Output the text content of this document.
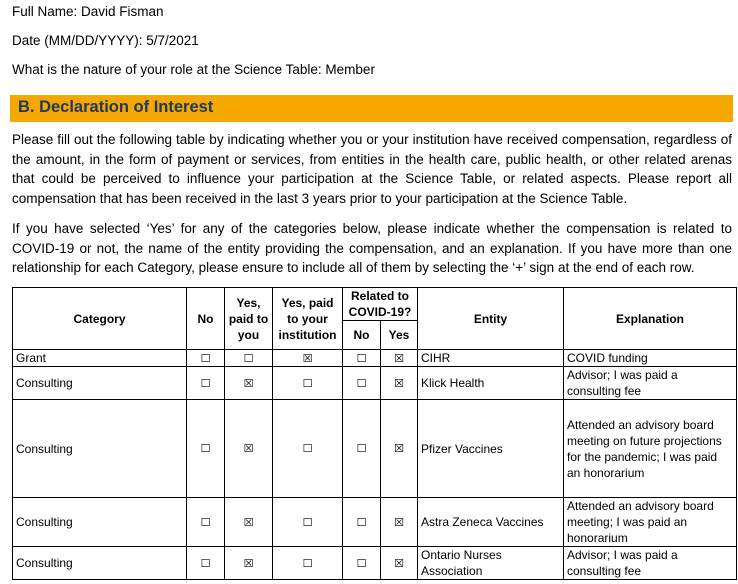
Full Name: David Fisman
Date (MM/DD/YYYY): 5/7/2021
What is the nature of your role at the Science Table: Member
B. Declaration of Interest
Please fill out the following table by indicating whether you or your institution have received compensation, regardless of the amount, in the form of payment or services, from entities in the health care, public health, or other related arenas that could be perceived to influence your participation at the Science Table, or related aspects. Please report all compensation that has been received in the last 3 years prior to your participation at the Science Table.
If you have selected ‘Yes’ for any of the categories below, please indicate whether the compensation is related to COVID-19 or not, the name of the entity providing the compensation, and an explanation. If you have more than one relationship for each Category, please ensure to include all of them by selecting the ‘+’ sign at the end of each row.
Category	No	Yes, paid to you	Yes, paid to your institution	Related to COVID-19?		Entity	Explanation
				No	Yes		
Grant	☐	☐	☒	☐	☒	CIHR	COVID funding
Consulting	☐	☒	☐	☐	☒	Klick Health	Advisor; I was paid a consulting fee
Consulting	☐	☒	☐	☐	☒	Pfizer Vaccines	Attended an advisory board meeting on future projections for the pandemic; I was paid an honorarium
Consulting	☐	☒	☐	☐	☒	Astra Zeneca Vaccines	Attended an advisory board meeting; I was paid an honorarium
Consulting	☐	☒	☐	☐	☒	Ontario Nurses Association	Advisor; I was paid a consulting fee
